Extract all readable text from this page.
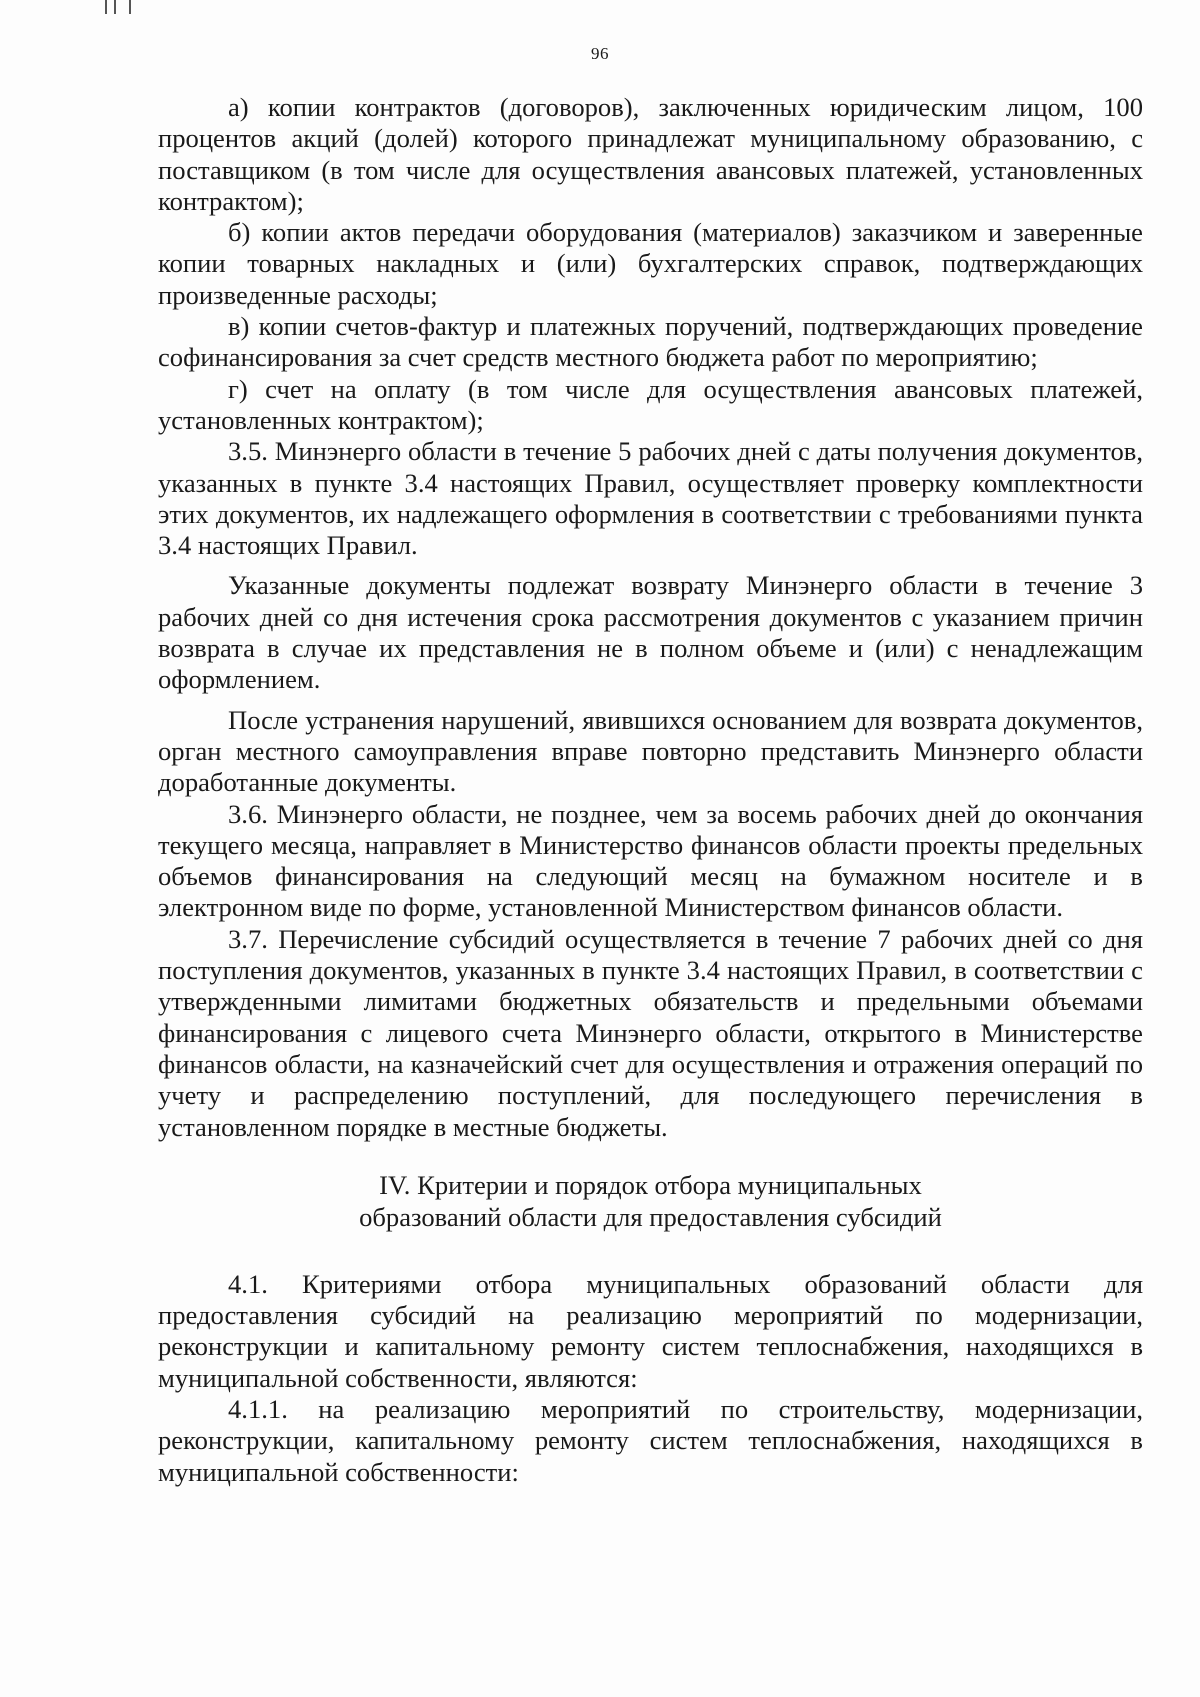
96

а) копии контрактов (договоров), заключенных юридическим лицом, 100 процентов акций (долей) которого принадлежат муниципальному образованию, с поставщиком (в том числе для осуществления авансовых платежей, установленных контрактом);

б) копии актов передачи оборудования (материалов) заказчиком и заверенные копии товарных накладных и (или) бухгалтерских справок, подтверждающих произведенные расходы;

в) копии счетов-фактур и платежных поручений, подтверждающих проведение софинансирования за счет средств местного бюджета работ по мероприятию;

г) счет на оплату (в том числе для осуществления авансовых платежей, установленных контрактом);

3.5. Минэнерго области в течение 5 рабочих дней с даты получения документов, указанных в пункте 3.4 настоящих Правил, осуществляет проверку комплектности этих документов, их надлежащего оформления в соответствии с требованиями пункта 3.4 настоящих Правил.

Указанные документы подлежат возврату Минэнерго области в течение 3 рабочих дней со дня истечения срока рассмотрения документов с указанием причин возврата в случае их представления не в полном объеме и (или) с ненадлежащим оформлением.

После устранения нарушений, явившихся основанием для возврата документов, орган местного самоуправления вправе повторно представить Минэнерго области доработанные документы.

3.6. Минэнерго области, не позднее, чем за восемь рабочих дней до окончания текущего месяца, направляет в Министерство финансов области проекты предельных объемов финансирования на следующий месяц на бумажном носителе и в электронном виде по форме, установленной Министерством финансов области.

3.7. Перечисление субсидий осуществляется в течение 7 рабочих дней со дня поступления документов, указанных в пункте 3.4 настоящих Правил, в соответствии с утвержденными лимитами бюджетных обязательств и предельными объемами финансирования с лицевого счета Минэнерго области, открытого в Министерстве финансов области, на казначейский счет для осуществления и отражения операций по учету и распределению поступлений, для последующего перечисления в установленном порядке в местные бюджеты.

IV. Критерии и порядок отбора муниципальных
образований области для предоставления субсидий

4.1. Критериями отбора муниципальных образований области для предоставления субсидий на реализацию мероприятий по модернизации, реконструкции и капитальному ремонту систем теплоснабжения, находящихся в муниципальной собственности, являются:

4.1.1. на реализацию мероприятий по строительству, модернизации, реконструкции, капитальному ремонту систем теплоснабжения, находящихся в муниципальной собственности:
